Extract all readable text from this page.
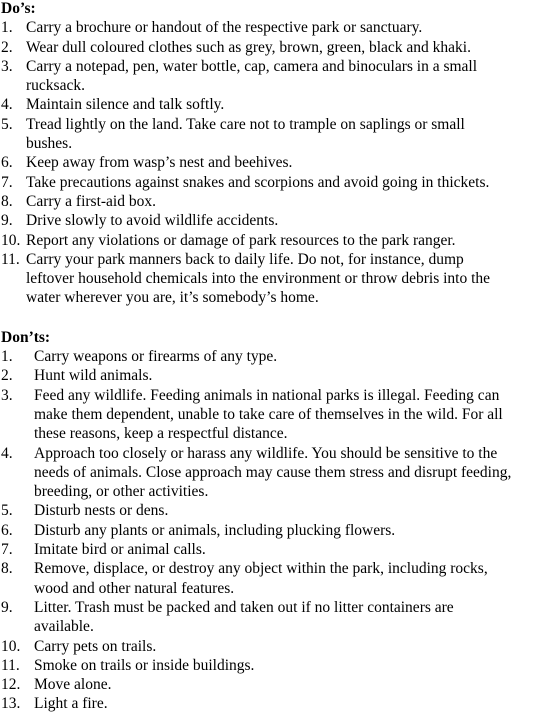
Do’s:
1. Carry a brochure or handout of the respective park or sanctuary.
2. Wear dull coloured clothes such as grey, brown, green, black and khaki.
3. Carry a notepad, pen, water bottle, cap, camera and binoculars in a small
rucksack.
4. Maintain silence and talk softly.
5. Tread lightly on the land. Take care not to trample on saplings or small
bushes.
6. Keep away from wasp’s nest and beehives.
7. Take precautions against snakes and scorpions and avoid going in thickets.
8. Carry a first-aid box.
9. Drive slowly to avoid wildlife accidents.
10. Report any violations or damage of park resources to the park ranger.
11. Carry your park manners back to daily life. Do not, for instance, dump
leftover household chemicals into the environment or throw debris into the
water wherever you are, it’s somebody’s home.
Don’ts:
1.	Carry weapons or firearms of any type.
2.	Hunt wild animals.
3.	Feed any wildlife. Feeding animals in national parks is illegal. Feeding can
make them dependent, unable to take care of themselves in the wild. For all
these reasons, keep a respectful distance.
4.	Approach too closely or harass any wildlife. You should be sensitive to the
needs of animals. Close approach may cause them stress and disrupt feeding,
breeding, or other activities.
5.	Disturb nests or dens.
6.	Disturb any plants or animals, including plucking flowers.
7.	Imitate bird or animal calls.
8.	Remove, displace, or destroy any object within the park, including rocks,
wood and other natural features.
9.	Litter. Trash must be packed and taken out if no litter containers are
available.
10. Carry pets on trails.
11. Smoke on trails or inside buildings.
12. Move alone.
13. Light a fire.
